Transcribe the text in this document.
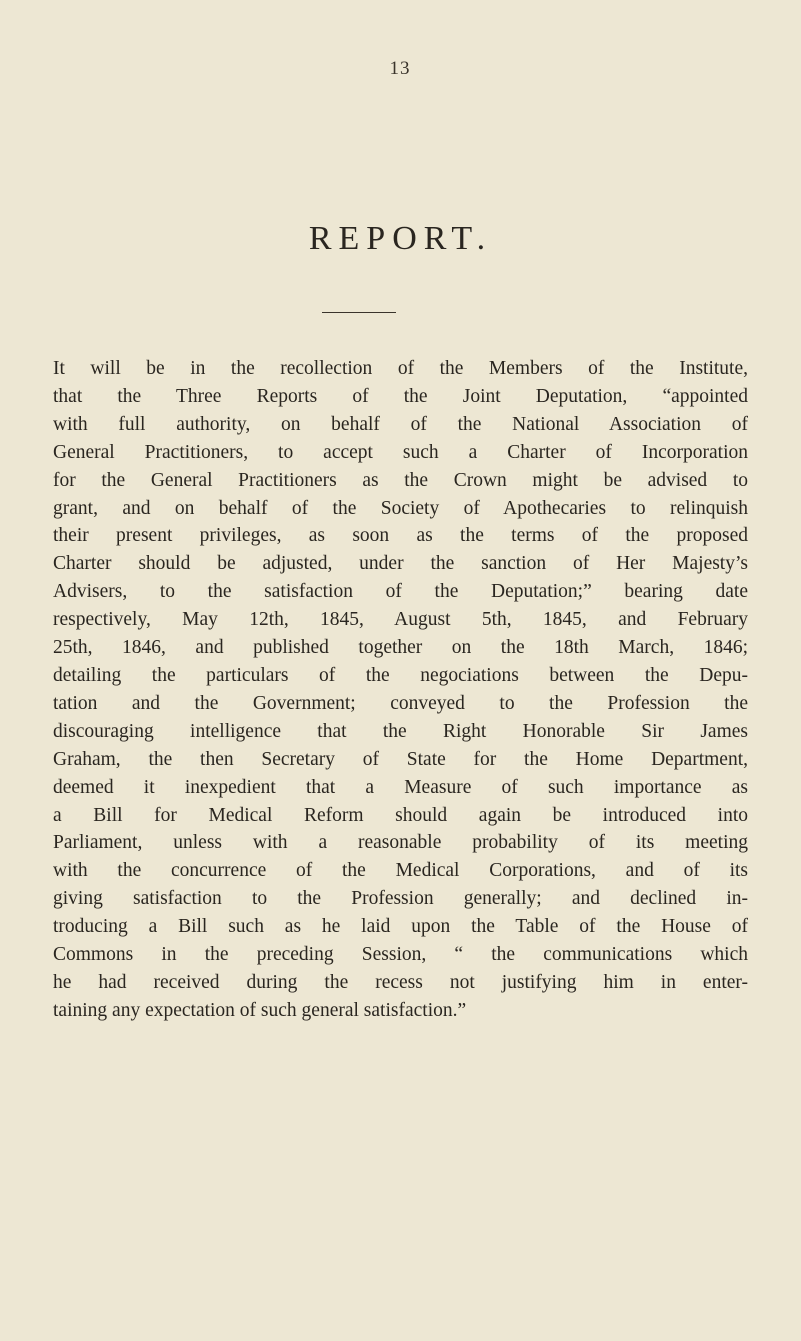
13
REPORT.

It will be in the recollection of the Members of the Institute,
that the Three Reports of the Joint Deputation, “appointed
with full authority, on behalf of the National Association of
General Practitioners, to accept such a Charter of Incorporation
for the General Practitioners as the Crown might be advised to
grant, and on behalf of the Society of Apothecaries to relinquish
their present privileges, as soon as the terms of the proposed
Charter should be adjusted, under the sanction of Her Majesty’s
Advisers, to the satisfaction of the Deputation;” bearing date
respectively, May 12th, 1845, August 5th, 1845, and February
25th, 1846, and published together on the 18th March, 1846;
detailing the particulars of the negociations between the Depu-
tation and the Government; conveyed to the Profession the
discouraging intelligence that the Right Honorable Sir James
Graham, the then Secretary of State for the Home Department,
deemed it inexpedient that a Measure of such importance as
a Bill for Medical Reform should again be introduced into
Parliament, unless with a reasonable probability of its meeting
with the concurrence of the Medical Corporations, and of its
giving satisfaction to the Profession generally; and declined in-
troducing a Bill such as he laid upon the Table of the House of
Commons in the preceding Session, “ the communications which
he had received during the recess not justifying him in enter-
taining any expectation of such general satisfaction.”
